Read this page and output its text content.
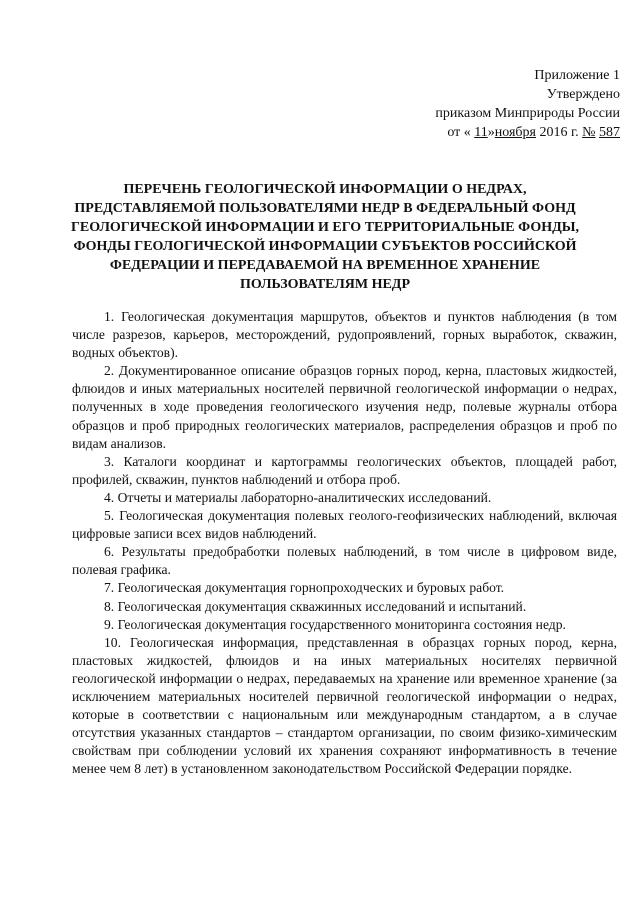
Приложение 1
Утверждено
приказом Минприроды России
от « 11»ноября 2016 г. № 587
ПЕРЕЧЕНЬ ГЕОЛОГИЧЕСКОЙ ИНФОРМАЦИИ О НЕДРАХ,
ПРЕДСТАВЛЯЕМОЙ ПОЛЬЗОВАТЕЛЯМИ НЕДР В ФЕДЕРАЛЬНЫЙ ФОНД
ГЕОЛОГИЧЕСКОЙ ИНФОРМАЦИИ И ЕГО ТЕРРИТОРИАЛЬНЫЕ ФОНДЫ,
ФОНДЫ ГЕОЛОГИЧЕСКОЙ ИНФОРМАЦИИ СУБЪЕКТОВ РОССИЙСКОЙ
ФЕДЕРАЦИИ И ПЕРЕДАВАЕМОЙ НА ВРЕМЕННОЕ ХРАНЕНИЕ
ПОЛЬЗОВАТЕЛЯМ НЕДР

1. Геологическая документация маршрутов, объектов и пунктов наблюдения (в том числе разрезов, карьеров, месторождений, рудопроявлений, горных выработок, скважин, водных объектов).

2. Документированное описание образцов горных пород, керна, пластовых жидкостей, флюидов и иных материальных носителей первичной геологической информации о недрах, полученных в ходе проведения геологического изучения недр, полевые журналы отбора образцов и проб природных геологических материалов, распределения образцов и проб по видам анализов.

3. Каталоги координат и картограммы геологических объектов, площадей работ, профилей, скважин, пунктов наблюдений и отбора проб.

4. Отчеты и материалы лабораторно-аналитических исследований.

5. Геологическая документация полевых геолого-геофизических наблюдений, включая цифровые записи всех видов наблюдений.

6. Результаты предобработки полевых наблюдений, в том числе в цифровом виде, полевая графика.

7. Геологическая документация горнопроходческих и буровых работ.

8. Геологическая документация скважинных исследований и испытаний.

9. Геологическая документация государственного мониторинга состояния недр.

10. Геологическая информация, представленная в образцах горных пород, керна, пластовых жидкостей, флюидов и на иных материальных носителях первичной геологической информации о недрах, передаваемых на хранение или временное хранение (за исключением материальных носителей первичной геологической информации о недрах, которые в соответствии с национальным или международным стандартом, а в случае отсутствия указанных стандартов – стандартом организации, по своим физико-химическим свойствам при соблюдении условий их хранения сохраняют информативность в течение менее чем 8 лет) в установленном законодательством Российской Федерации порядке.
